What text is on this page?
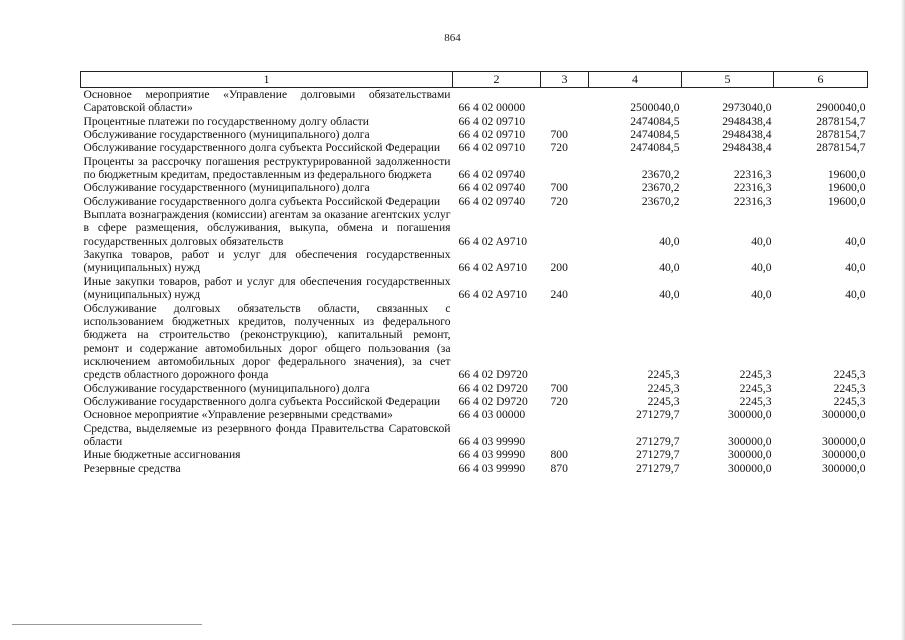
864
1	2	3	4	5	6
Основное мероприятие «Управление долговыми обязательствами Саратовской области»	66 4 02 00000		2500040,0	2973040,0	2900040,0
Процентные платежи по государственному долгу области	66 4 02 09710		2474084,5	2948438,4	2878154,7
Обслуживание государственного (муниципального) долга	66 4 02 09710	700	2474084,5	2948438,4	2878154,7
Обслуживание государственного долга субъекта Российской Федерации	66 4 02 09710	720	2474084,5	2948438,4	2878154,7
Проценты за рассрочку погашения реструктурированной задолженности по бюджетным кредитам, предоставленным из федерального бюджета	66 4 02 09740		23670,2	22316,3	19600,0
Обслуживание государственного (муниципального) долга	66 4 02 09740	700	23670,2	22316,3	19600,0
Обслуживание государственного долга субъекта Российской Федерации	66 4 02 09740	720	23670,2	22316,3	19600,0
Выплата вознаграждения (комиссии) агентам за оказание агентских услуг в сфере размещения, обслуживания, выкупа, обмена и погашения государственных долговых обязательств	66 4 02 A9710		40,0	40,0	40,0
Закупка товаров, работ и услуг для обеспечения государственных (муниципальных) нужд	66 4 02 A9710	200	40,0	40,0	40,0
Иные закупки товаров, работ и услуг для обеспечения государственных (муниципальных) нужд	66 4 02 A9710	240	40,0	40,0	40,0
Обслуживание долговых обязательств области, связанных с использованием бюджетных кредитов, полученных из федерального бюджета на строительство (реконструкцию), капитальный ремонт, ремонт и содержание автомобильных дорог общего пользования (за исключением автомобильных дорог федерального значения), за счет средств областного дорожного фонда	66 4 02 D9720		2245,3	2245,3	2245,3
Обслуживание государственного (муниципального) долга	66 4 02 D9720	700	2245,3	2245,3	2245,3
Обслуживание государственного долга субъекта Российской Федерации	66 4 02 D9720	720	2245,3	2245,3	2245,3
Основное мероприятие «Управление резервными средствами»	66 4 03 00000		271279,7	300000,0	300000,0
Средства, выделяемые из резервного фонда Правительства Саратовской области	66 4 03 99990		271279,7	300000,0	300000,0
Иные бюджетные ассигнования	66 4 03 99990	800	271279,7	300000,0	300000,0
Резервные средства	66 4 03 99990	870	271279,7	300000,0	300000,0
